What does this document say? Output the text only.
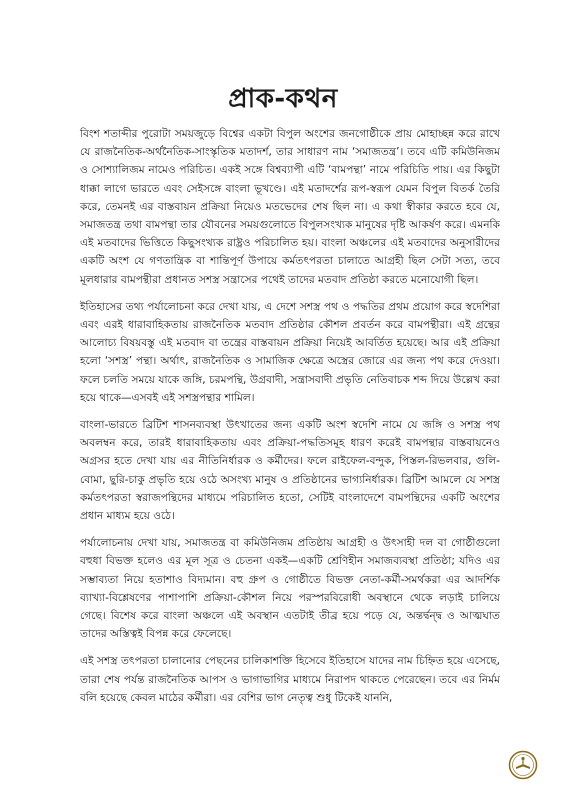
প্রাক-কথন

বিংশ শতাব্দীর পুরোটা সময়জুড়ে বিশ্বের একটা বিপুল অংশের জনগোষ্ঠীকে প্রায় মোহাচ্ছন্ন করে রাখে যে রাজনৈতিক-অর্থনৈতিক-সাংস্কৃতিক মতাদর্শ, তার সাধারণ নাম ‘সমাজতন্ত্র’। তবে এটি কমিউনিজম ও সোশ্যালিজম নামেও পরিচিত। একই সঙ্গে বিশ্বব্যাপী এটি ‘বামপন্থা’ নামে পরিচিতি পায়। এর কিছুটা ধাক্কা লাগে ভারতে এবং সেইসঙ্গে বাংলা ভূখণ্ডে। এই মতাদর্শের রূপ-স্বরূপ যেমন বিপুল বিতর্ক তৈরি করে, তেমনই এর বাস্তবায়ন প্রক্রিয়া নিয়েও মতভেদের শেষ ছিল না। এ কথা স্বীকার করতে হবে যে, সমাজতন্ত্র তথা বামপন্থা তার যৌবনের সময়গুলোতে বিপুলসংখ্যক মানুষের দৃষ্টি আকর্ষণ করে। এমনকি এই মতবাদের ভিত্তিতে কিছুসংখ্যক রাষ্ট্রও পরিচালিত হয়। বাংলা অঞ্চলের এই মতবাদের অনুসারীদের একটি অংশ যে গণতান্ত্রিক বা শান্তিপূর্ণ উপায়ে কর্মতৎপরতা চালাতে আগ্রহী ছিল সেটা সত্য, তবে মূলধারার বামপন্থীরা প্রধানত সশস্ত্র সন্ত্রাসের পথেই তাদের মতবাদ প্রতিষ্ঠা করতে মনোযোগী ছিল।

ইতিহাসের তথ্য পর্যালোচনা করে দেখা যায়, এ দেশে সশস্ত্র পথ ও পদ্ধতির প্রথম প্রয়োগ করে স্বদেশিরা এবং এরই ধারাবাহিকতায় রাজনৈতিক মতবাদ প্রতিষ্ঠার কৌশল প্রবর্তন করে বামপন্থীরা। এই গ্রন্থের আলোচ্য বিষয়বস্তু এই মতবাদ বা তন্ত্রের বাস্তবায়ন প্রক্রিয়া নিয়েই আবর্তিত হয়েছে। আর এই প্রক্রিয়া হলো ‘সশস্ত্র’ পন্থা। অর্থাৎ, রাজনৈতিক ও সামাজিক ক্ষেত্রে অস্ত্রের জোরে এর জন্য পথ করে দেওয়া। ফলে চলতি সময়ে যাকে জঙ্গি, চরমপন্থি, উগ্রবাদী, সন্ত্রাসবাদী প্রভৃতি নেতিবাচক শব্দ দিয়ে উল্লেখ করা হয়ে থাকে—এসবই এই সশস্ত্রপন্থার শামিল।

বাংলা-ভারতে ব্রিটিশ শাসনব্যবস্থা উৎখাতের জন্য একটি অংশ স্বদেশি নামে যে জঙ্গি ও সশস্ত্র পথ অবলম্বন করে, তারই ধারাবাহিকতায় এবং প্রক্রিয়া-পদ্ধতিসমূহ ধারণ করেই বামপন্থার বাস্তবায়নেও অগ্রসর হতে দেখা যায় এর নীতিনির্ধারক ও কর্মীদের। ফলে রাইফেল-বন্দুক, পিস্তল-রিভলবার, গুলি-বোমা, ছুরি-চাকু প্রভৃতি হয়ে ওঠে অসংখ্য মানুষ ও প্রতিষ্ঠানের ভাগ্যনির্ধারক। ব্রিটিশ আমলে যে সশস্ত্র কর্মতৎপরতা স্বরাজপন্থিদের মাধ্যমে পরিচালিত হতো, সেটিই বাংলাদেশে বামপন্থিদের একটি অংশের প্রধান মাধ্যম হয়ে ওঠে।

পর্যালোচনায় দেখা যায়, সমাজতন্ত্র বা কমিউনিজম প্রতিষ্ঠায় আগ্রহী ও উৎসাহী দল বা গোষ্ঠীগুলো বহুধা বিভক্ত হলেও এর মূল সূত্র ও চেতনা একই—একটি শ্রেণিহীন সমাজব্যবস্থা প্রতিষ্ঠা; যদিও এর সম্ভাব্যতা নিয়ে হতাশাও বিদ্যমান। বহু গ্রুপ ও গোষ্ঠীতে বিভক্ত নেতা-কর্মী-সমর্থকরা এর আদর্শিক ব্যাখ্যা-বিশ্লেষণের পাশাপাশি প্রক্রিয়া-কৌশল নিয়ে পরস্পরবিরোধী অবস্থানে থেকে লড়াই চালিয়ে গেছে। বিশেষ করে বাংলা অঞ্চলে এই অবস্থান এতটাই তীব্র হয়ে পড়ে যে, অন্তর্দ্বন্দ্ব ও আত্মঘাত তাদের অস্তিত্বই বিপন্ন করে ফেলেছে।

এই সশস্ত্র তৎপরতা চালানোর পেছনের চালিকাশক্তি হিসেবে ইতিহাসে যাদের নাম চিহ্নিত হয়ে এসেছে, তারা শেষ পর্যন্ত রাজনৈতিক আপস ও ভাগাভাগির মাধ্যমে নিরাপদ থাকতে পেরেছেন। তবে এর নির্মম বলি হয়েছে কেবল মাঠের কর্মীরা। এর বেশির ভাগ নেতৃত্ব শুধু টিকেই যাননি,
